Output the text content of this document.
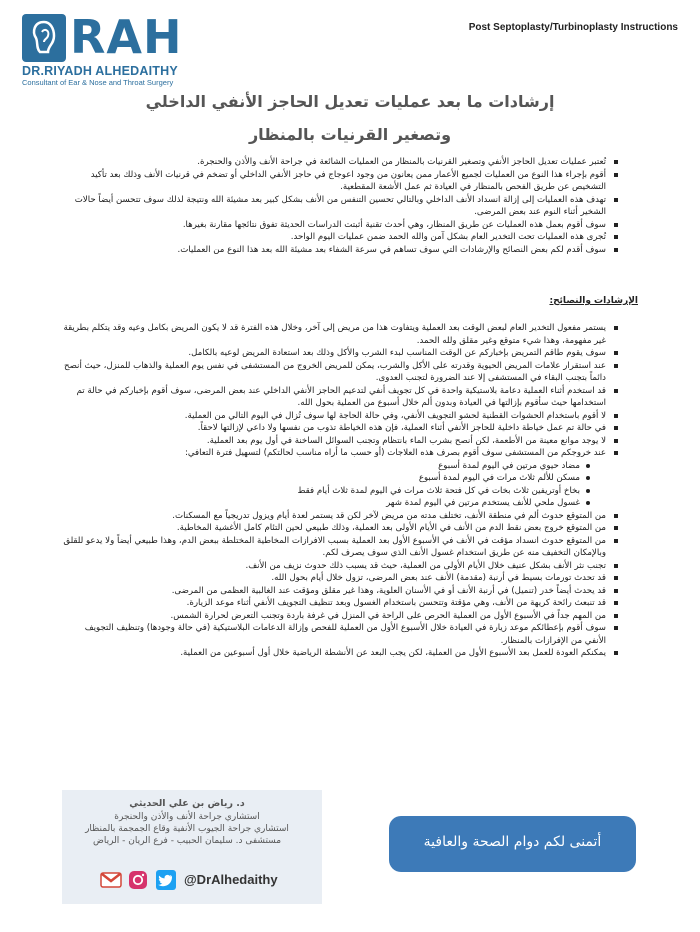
RAH
DR.RIYADH ALHEDAITHY
Consultant of Ear & Nose and Throat Surgery
Post Septoplasty/Turbinoplasty Instructions
إرشادات ما بعد عمليات تعديل الحاجز الأنفي الداخلي
وتصغير القرنيات بالمنظار
تُعتبر عمليات تعديل الحاجز الأنفي وتصغير القرنيات بالمنظار من العمليات الشائعة في جراحة الأنف والأذن والحنجرة.
أقوم بإجراء هذا النوع من العمليات لجميع الأعمار ممن يعانون من وجود اعوجاج في حاجز الأنفي الداخلي أو تضخم في قرنيات الأنف وذلك بعد تأكيد التشخيص عن طريق الفحص بالمنظار في العيادة ثم عمل الأشعة المقطعية.
تهدف هذه العمليات إلى إزالة انسداد الأنف الداخلي وبالتالي تحسين التنفس من الأنف بشكل كبير بعد مشيئة الله ونتيجة لذلك سوف تتحسن أيضاً حالات الشخير أثناء النوم عند بعض المرضى.
سوف أقوم بعمل هذه العمليات عن طريق المنظار، وهي أحدث تقنية أثبتت الدراسات الحديثة تفوق نتائجها مقارنة بغيرها.
تُجرى هذه العمليات تحت التخدير العام بشكل آمن والله الحمد ضمن عمليات اليوم الواحد.
سوف أقدم لكم بعض النصائح والإرشادات التي سوف تساهم في سرعة الشفاء بعد مشيئة الله بعد هذا النوع من العمليات.
الإرشادات والنصائح:
يستمر مفعول التخدير العام لبعض الوقت بعد العملية ويتفاوت هذا من مريض إلى آخر، وخلال هذه الفترة قد لا يكون المريض بكامل وعيه وقد يتكلم بطريقة غير مفهومة، وهذا شيء متوقع وغير مقلق ولله الحمد.
سوف يقوم طاقم التمريض بإخباركم عن الوقت المناسب لبدء الشرب والأكل وذلك بعد استعادة المريض لوعيه بالكامل.
عند استقرار علامات المريض الحيوية وقدرته على الأكل والشرب، يمكن للمريض الخروج من المستشفى في نفس يوم العملية والذهاب للمنزل، حيث أنصح دائماً بتجنب البقاء في المستشفى إلا عند الضرورة لتجنب العدوى.
قد استخدم أثناء العملية دعامة بلاستيكية واحدة في كل تجويف أنفي لتدعيم الحاجز الأنفي الداخلي عند بعض المرضى، سوف أقوم بإخباركم في حالة تم استخدامها حيث سأقوم بإزالتها في العيادة وبدون ألم خلال أسبوع من العملية بحول الله.
لا أقوم باستخدام الحشوات القطنية لحشو التجويف الأنفي، وفي حالة الحاجة لها سوف تُزال في اليوم التالي من العملية.
في حالة تم عمل خياطة داخلية للحاجز الأنفي أثناء العملية، فإن هذه الخياطة تذوب من نفسها ولا داعي لإزالتها لاحقاً.
لا يوجد موانع معينة من الأطعمة، لكن أنصح بشرب الماء بانتظام وتجنب السوائل الساخنة في أول يوم بعد العملية.
عند خروجكم من المستشفى سوف أقوم بصرف هذه العلاجات (أو حسب ما أراه مناسب لحالتكم) لتسهيل فترة التعافي:
مضاد حيوي مرتين في اليوم لمدة أسبوع
مسكن للألم ثلاث مرات في اليوم لمدة أسبوع
بخاخ أوتريفين ثلاث بخات في كل فتحة ثلاث مرات في اليوم لمدة ثلاث أيام فقط
غسول ملحي للأنف يستخدم مرتين في اليوم لمدة شهر
من المتوقع حدوث ألم في منطقة الأنف، تختلف مدته من مريض لآخر لكن قد يستمر لعدة أيام ويزول تدريجياً مع المسكنات.
من المتوقع خروج بعض نقط الدم من الأنف في الأيام الأولى بعد العملية، وذلك طبيعي لحين التئام كامل الأغشية المخاطية.
من المتوقع حدوث انسداد مؤقت في الأنف في الأسبوع الأول بعد العملية بسبب الافرازات المخاطية المختلطة ببعض الدم، وهذا طبيعي أيضاً ولا يدعو للقلق وبالإمكان التخفيف منه عن طريق استخدام غسول الأنف الذي سوف يصرف لكم.
تجنب نثر الأنف بشكل عنيف خلال الأيام الأولى من العملية، حيث قد يسبب ذلك حدوث نزيف من الأنف.
قد تحدث تورمات بسيط في أرنبة (مقدمة) الأنف عند بعض المرضى، تزول خلال أيام بحول الله.
قد يحدث أيضاً خدر (تنميل) في أرنبة الأنف أو في الأسنان العلوية، وهذا غير مقلق ومؤقت عند الغالبية العظمى من المرضى.
قد تنبعث رائحة كريهة من الأنف، وهي مؤقتة وتتحسن باستخدام الغسول وبعد تنظيف التجويف الأنفي أثناء موعد الزيارة.
من المهم جداً في الأسبوع الأول من العملية الحرص على الراحة في المنزل في غرفة باردة وتجنب التعرض لحرارة الشمس.
سوف أقوم بإعطائكم موعد زيارة في العيادة خلال الأسبوع الأول من العملية للفحص وإزالة الدعامات البلاستيكية (في حالة وجودها) وتنظيف التجويف الأنفي من الإفرازات بالمنظار.
يمكنكم العودة للعمل بعد الأسبوع الأول من العملية، لكن يجب البعد عن الأنشطة الرياضية خلال أول أسبوعين من العملية.
د. رياض بن علي الحديثي
استشاري جراحة الأنف والأذن والحنجرة
استشاري جراحة الجيوب الأنفية وقاع الجمجمة بالمنظار
مستشفى د. سليمان الحبيب - فرع الريان - الرياض
@DrAlhedaithy
أتمنى لكم دوام الصحة والعافية
